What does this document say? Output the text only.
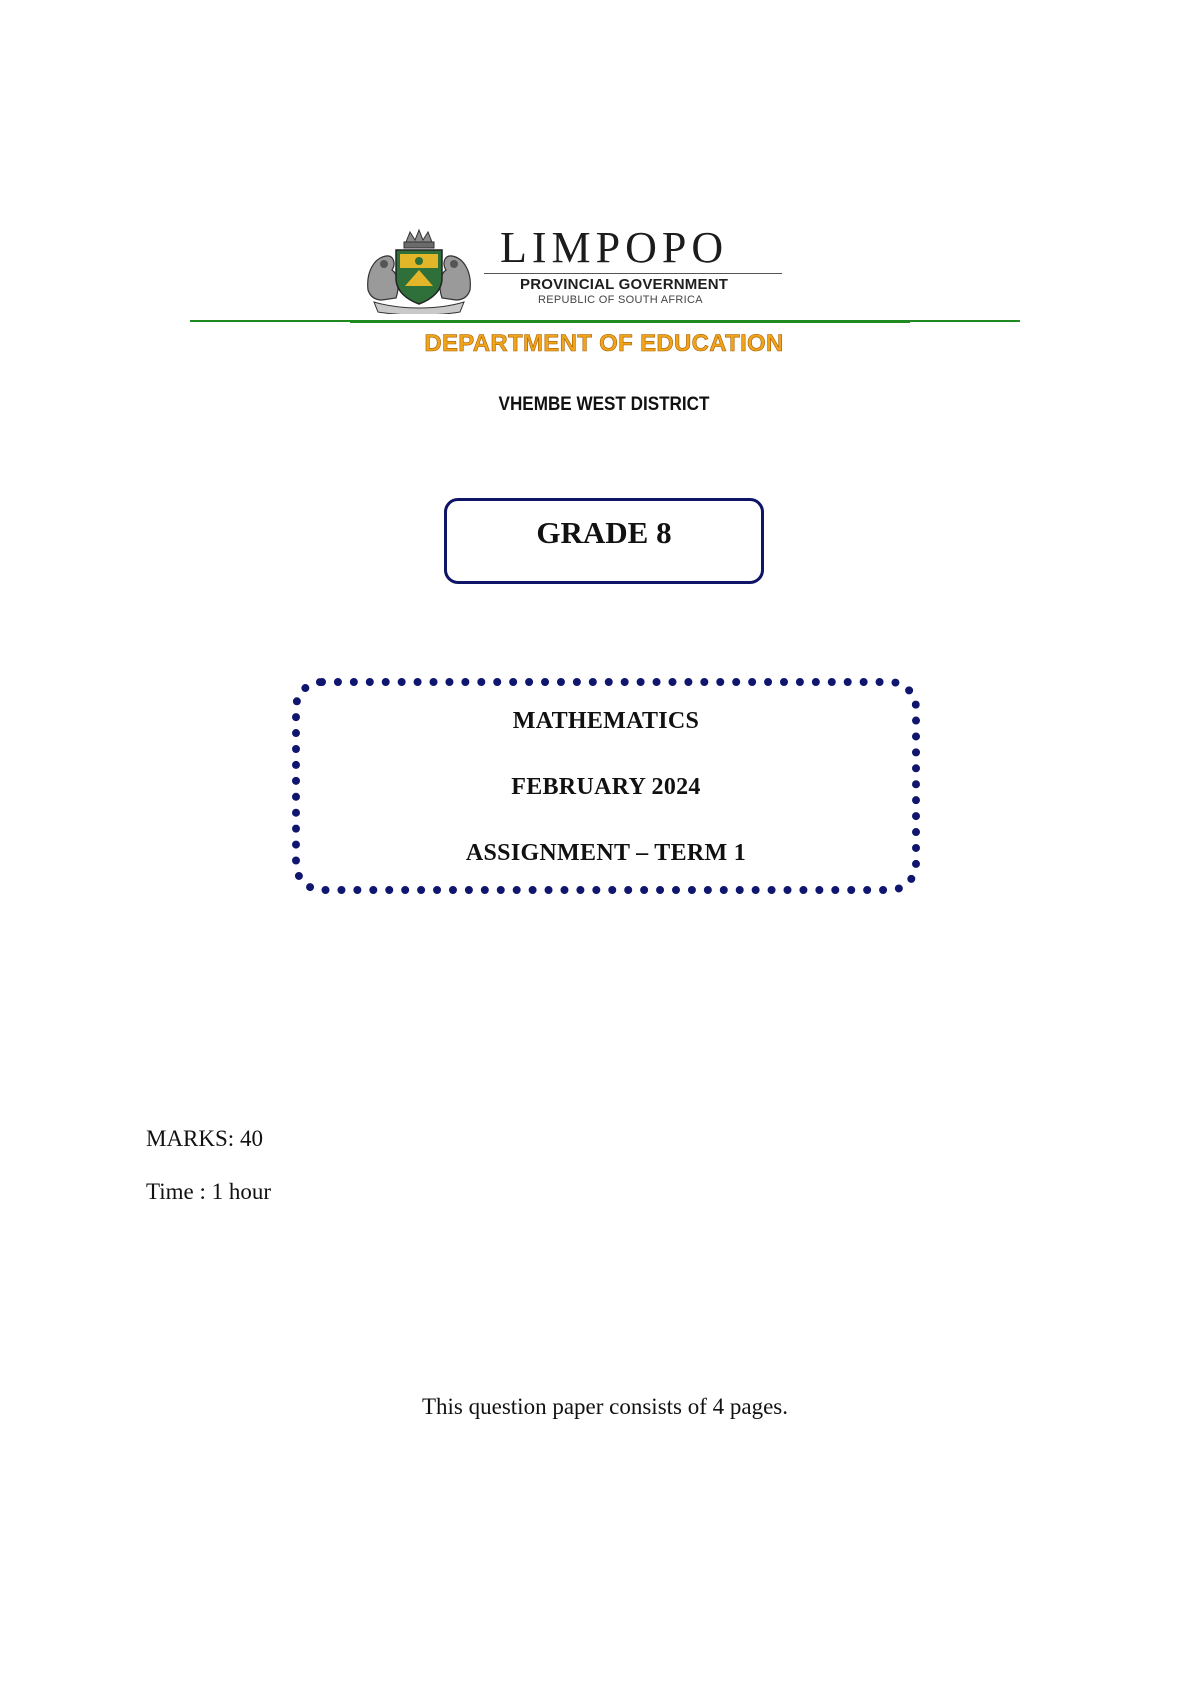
LIMPOPO
PROVINCIAL GOVERNMENT
REPUBLIC OF SOUTH AFRICA
DEPARTMENT OF EDUCATION
VHEMBE WEST DISTRICT
GRADE 8
MATHEMATICS
FEBRUARY 2024
ASSIGNMENT – TERM 1
MARKS: 40
Time : 1 hour
This question paper consists of 4 pages.
